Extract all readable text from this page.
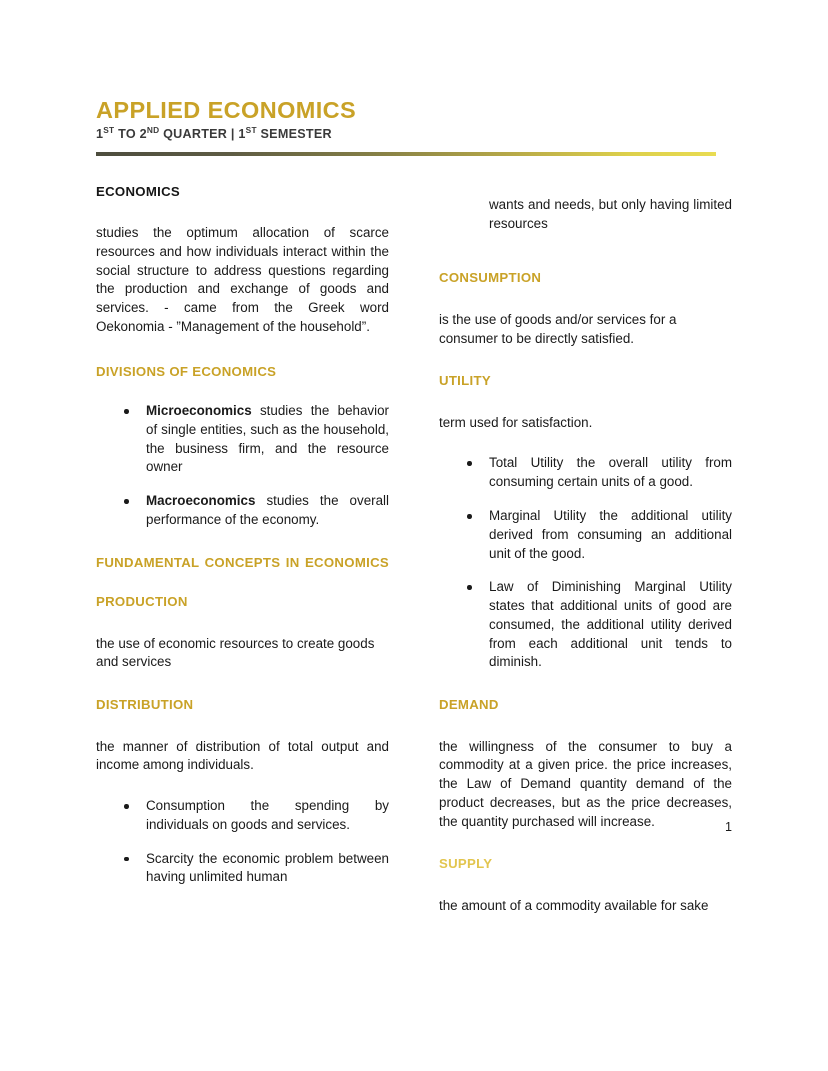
APPLIED ECONOMICS
1ST TO 2ND QUARTER | 1ST SEMESTER
ECONOMICS

studies the optimum allocation of scarce resources and how individuals interact within the social structure to address questions regarding the production and exchange of goods and services. - came from the Greek word Oekonomia - ”Management of the household”.

DIVISIONS OF ECONOMICS
Microeconomics studies the behavior of single entities, such as the household, the business firm, and the resource owner
Macroeconomics studies the overall performance of the economy.
FUNDAMENTAL CONCEPTS IN ECONOMICS
PRODUCTION

the use of economic resources to create goods and services

DISTRIBUTION

the manner of distribution of total output and income among individuals.

Consumption the spending by individuals on goods and services.
Scarcity the economic problem between having unlimited human

wants and needs, but only having limited resources

CONSUMPTION

is the use of goods and/or services for a consumer to be directly satisfied.

UTILITY

term used for satisfaction.

Total Utility the overall utility from consuming certain units of a good.
Marginal Utility the additional utility derived from consuming an additional unit of the good.
Law of Diminishing Marginal Utility states that additional units of good are consumed, the additional utility derived from each additional unit tends to diminish.
DEMAND

the willingness of the consumer to buy a commodity at a given price. the price increases, the Law of Demand quantity demand of the product decreases, but as the price decreases, the quantity purchased will increase.

SUPPLY

the amount of a commodity available for sake

1
